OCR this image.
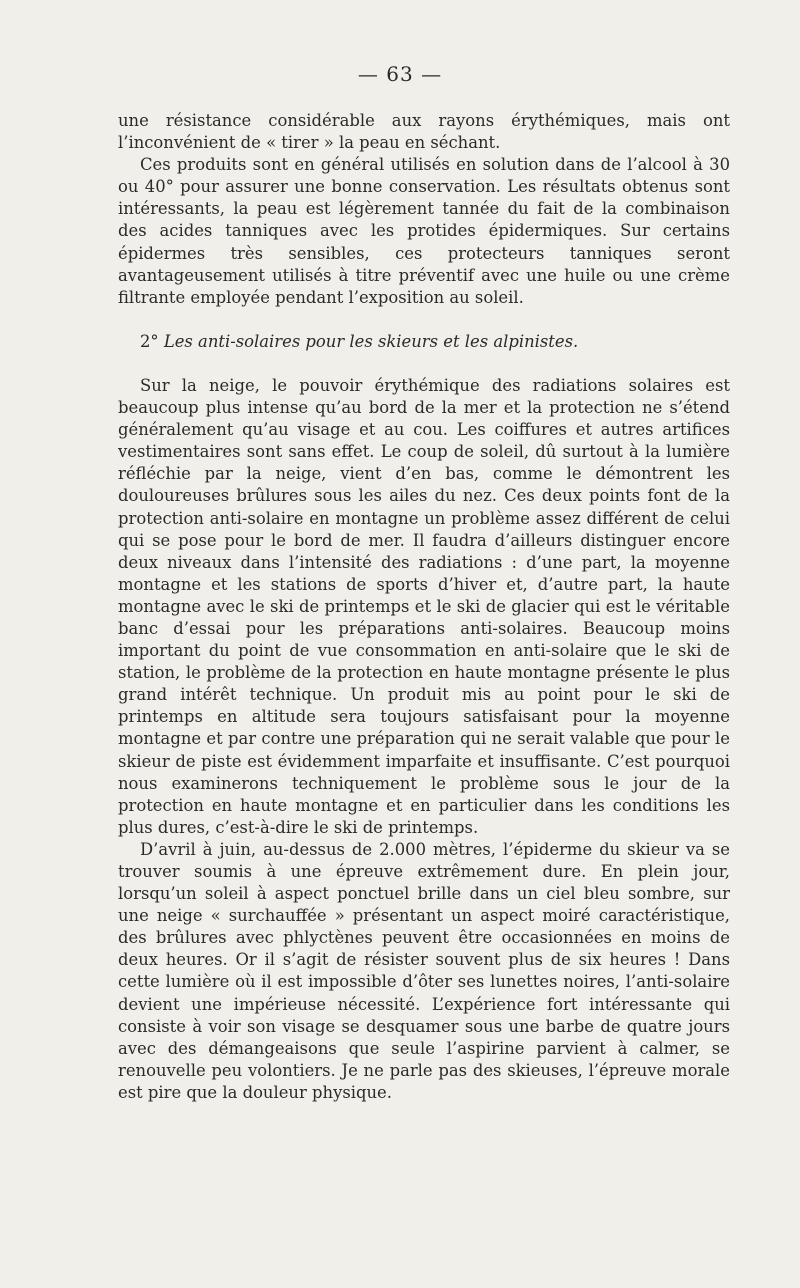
— 63 —

une résistance considérable aux rayons érythémiques, mais ont l’inconvénient de « tirer » la peau en séchant.

Ces produits sont en général utilisés en solution dans de l’alcool à 30 ou 40° pour assurer une bonne conservation. Les résultats obtenus sont intéressants, la peau est légèrement tannée du fait de la combinaison des acides tanniques avec les protides épidermiques. Sur certains épidermes très sensibles, ces protecteurs tanniques seront avantageusement utilisés à titre préventif avec une huile ou une crème filtrante employée pendant l’exposition au soleil.

2° Les anti-solaires pour les skieurs et les alpinistes.

Sur la neige, le pouvoir érythémique des radiations solaires est beaucoup plus intense qu’au bord de la mer et la protection ne s’étend généralement qu’au visage et au cou. Les coiffures et autres artifices vestimentaires sont sans effet. Le coup de soleil, dû surtout à la lumière réfléchie par la neige, vient d’en bas, comme le démontrent les douloureuses brûlures sous les ailes du nez. Ces deux points font de la protection anti-solaire en montagne un problème assez différent de celui qui se pose pour le bord de mer. Il faudra d’ailleurs distinguer encore deux niveaux dans l’intensité des radiations : d’une part, la moyenne montagne et les stations de sports d’hiver et, d’autre part, la haute montagne avec le ski de printemps et le ski de glacier qui est le véritable banc d’essai pour les préparations anti-solaires. Beaucoup moins important du point de vue consommation en anti-solaire que le ski de station, le problème de la protection en haute montagne présente le plus grand intérêt technique. Un produit mis au point pour le ski de printemps en altitude sera toujours satisfaisant pour la moyenne montagne et par contre une préparation qui ne serait valable que pour le skieur de piste est évidemment imparfaite et insuffisante. C’est pourquoi nous examinerons techniquement le problème sous le jour de la protection en haute montagne et en particulier dans les conditions les plus dures, c’est-à-dire le ski de printemps.

D’avril à juin, au-dessus de 2.000 mètres, l’épiderme du skieur va se trouver soumis à une épreuve extrêmement dure. En plein jour, lorsqu’un soleil à aspect ponctuel brille dans un ciel bleu sombre, sur une neige « surchauffée » présentant un aspect moiré caractéristique, des brûlures avec phlyctènes peuvent être occasionnées en moins de deux heures. Or il s’agit de résister souvent plus de six heures ! Dans cette lumière où il est impossible d’ôter ses lunettes noires, l’anti-solaire devient une impérieuse nécessité. L’expérience fort intéressante qui consiste à voir son visage se desquamer sous une barbe de quatre jours avec des démangeaisons que seule l’aspirine parvient à calmer, se renouvelle peu volontiers. Je ne parle pas des skieuses, l’épreuve morale est pire que la douleur physique.
